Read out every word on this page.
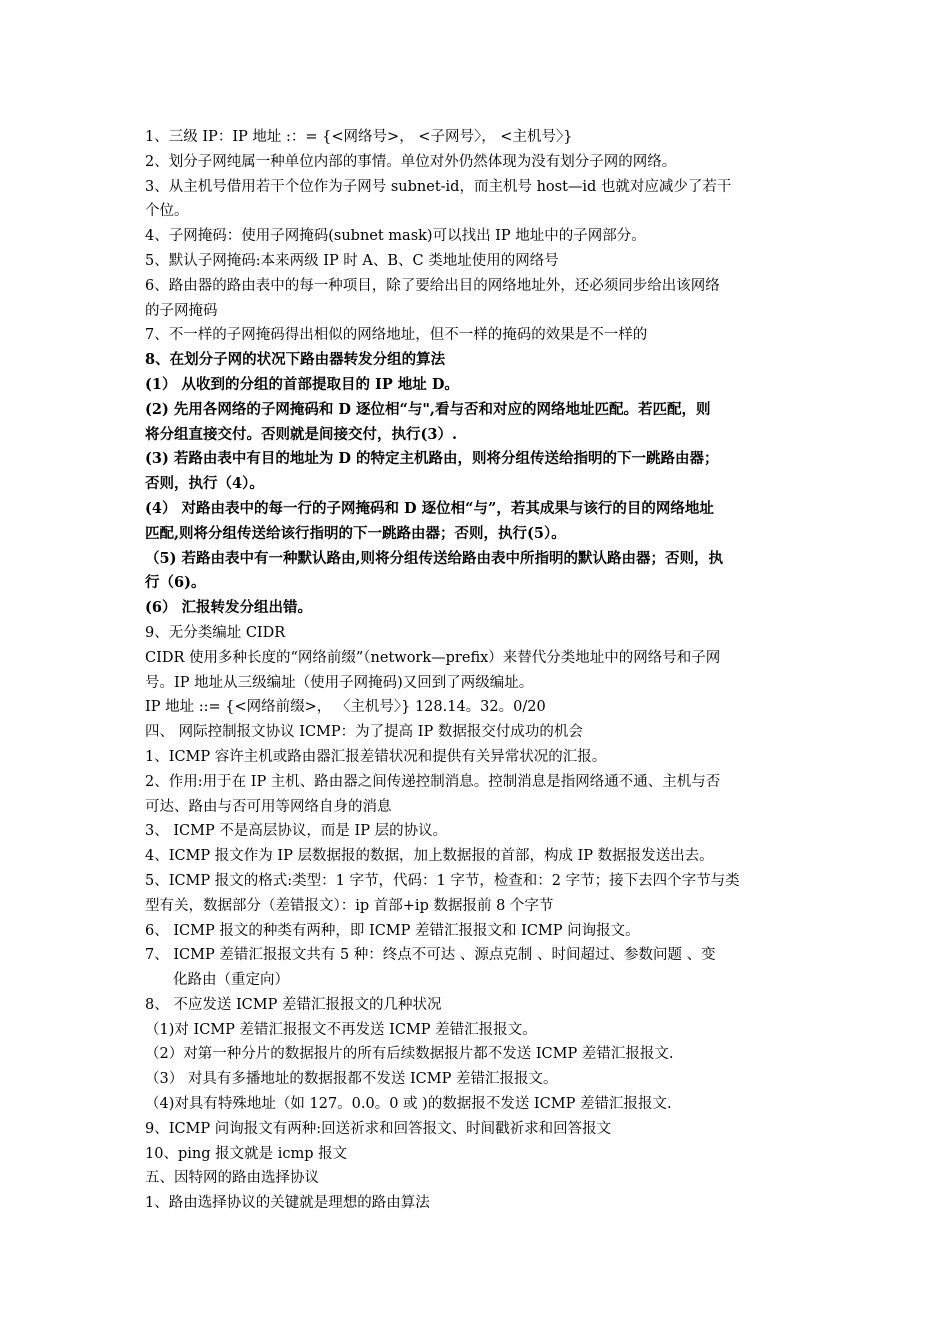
1、三级 IP：IP 地址 :：= {<网络号>， <子网号〉， <主机号〉}
2、划分子网纯属一种单位内部的事情。单位对外仍然体现为没有划分子网的网络。
3、从主机号借用若干个位作为子网号 subnet-id，而主机号 host—id 也就对应减少了若干
个位。
4、子网掩码：使用子网掩码(subnet mask)可以找出 IP 地址中的子网部分。
5、默认子网掩码:本来两级 IP 时 A、B、C 类地址使用的网络号
6、路由器的路由表中的每一种项目，除了要给出目的网络地址外，还必须同步给出该网络
的子网掩码
7、不一样的子网掩码得出相似的网络地址，但不一样的掩码的效果是不一样的
8、在划分子网的状况下路由器转发分组的算法
(1） 从收到的分组的首部提取目的 IP 地址 D。
(2) 先用各网络的子网掩码和 D 逐位相“与",看与否和对应的网络地址匹配。若匹配，则
将分组直接交付。否则就是间接交付，执行(3）.
(3) 若路由表中有目的地址为 D 的特定主机路由，则将分组传送给指明的下一跳路由器；
否则，执行（4）。
(4） 对路由表中的每一行的子网掩码和 D 逐位相“与”，若其成果与该行的目的网络地址
匹配,则将分组传送给该行指明的下一跳路由器；否则，执行(5）。
（5) 若路由表中有一种默认路由,则将分组传送给路由表中所指明的默认路由器；否则，执
行（6)。
(6） 汇报转发分组出错。
9、无分类编址 CIDR
CIDR 使用多种长度的“网络前缀”（network—prefix）来替代分类地址中的网络号和子网
号。IP 地址从三级编址（使用子网掩码)又回到了两级编址。
IP 地址 ::= {<网络前缀>， 〈主机号〉} 128.14。32。0/20
四、 网际控制报文协议 ICMP：为了提高 IP 数据报交付成功的机会
1、ICMP 容许主机或路由器汇报差错状况和提供有关异常状况的汇报。
2、作用:用于在 IP 主机、路由器之间传递控制消息。控制消息是指网络通不通、主机与否
可达、路由与否可用等网络自身的消息
3、 ICMP 不是高层协议，而是 IP 层的协议。
4、ICMP 报文作为 IP 层数据报的数据，加上数据报的首部，构成 IP 数据报发送出去。
5、ICMP 报文的格式:类型：1 字节，代码：1 字节，检查和：2 字节；接下去四个字节与类
型有关，数据部分（差错报文）：ip 首部+ip 数据报前 8 个字节
6、 ICMP 报文的种类有两种，即 ICMP 差错汇报报文和 ICMP 问询报文。
7、 ICMP 差错汇报报文共有 5 种：终点不可达 、源点克制 、时间超过、参数问题 、变
化路由（重定向）
8、 不应发送 ICMP 差错汇报报文的几种状况
（1)对 ICMP 差错汇报报文不再发送 ICMP 差错汇报报文。
（2）对第一种分片的数据报片的所有后续数据报片都不发送 ICMP 差错汇报报文.
（3） 对具有多播地址的数据报都不发送 ICMP 差错汇报报文。
（4)对具有特殊地址（如 127。0.0。0 或 )的数据报不发送 ICMP 差错汇报报文.
9、ICMP 问询报文有两种:回送祈求和回答报文、时间戳祈求和回答报文
10、ping 报文就是 icmp 报文
五、因特网的路由选择协议
1、路由选择协议的关键就是理想的路由算法
